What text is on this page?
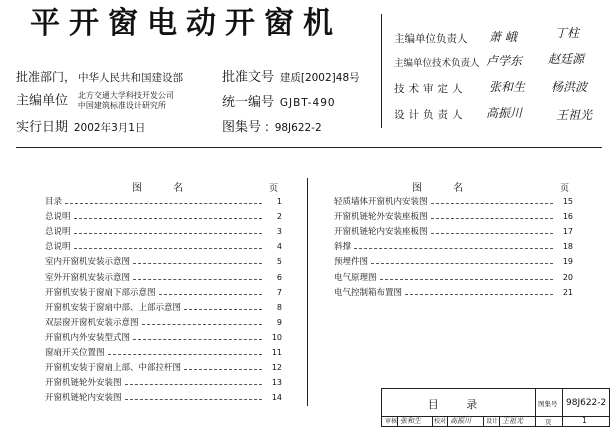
平开窗电动开窗机
批准部门， 中华人民共和国建设部
主编单位 北方交通大学科技开发公司
中国建筑标准设计研究所
实行日期 2002年3月1日
批准文号 建质[2002]48号
统一编号 GJBT-490
图集号 : 98J622-2
主编单位负责人 萧 峨	丁柱
主编单位技术负责人 卢学东 赵廷源
技术审定人 张和生 杨洪波
设计负责人 高振川	王祖光
图 名	页	图 名	页
目录	1
总说明	2
总说明	3
总说明	4
室内开窗机安装示意图	5
室外开窗机安装示意图	6
开窗机安装于窗扇下部示意图	7
开窗机安装于窗扇中部、上部示意图	8
双层窗开窗机安装示意图	9
开窗机内外安装型式图	10
窗扇开关位置图	11
开窗机安装于窗扇上部、中部拉杆图	12
开窗机链轮外安装图	13
开窗机链轮内安装图	14
轻质墙体开窗机内安装图	15
开窗机链轮外安装座板图	16
开窗机链轮内安装座板图	17
斜撑	18
预埋件图	19
电气原理图	20
电气控制箱布置图	21
目 录	图集号 98J622-2
审核 张和生 校对 高振川	设计 王祖光	页	1
